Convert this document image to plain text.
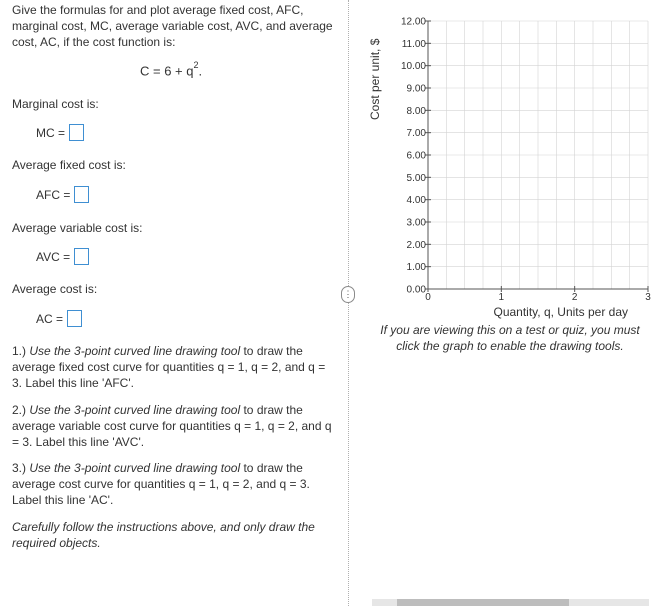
Give the formulas for and plot average fixed cost, AFC, marginal cost, MC, average variable cost, AVC, and average cost, AC, if the cost function is:
$C = 6 + q^2$.
Marginal cost is:
MC =
Average fixed cost is:
AFC =
Average variable cost is:
AVC =
Average cost is:
AC =
1.) Use the 3-point curved line drawing tool to draw the average fixed cost curve for quantities q = 1, q = 2, and q = 3. Label this line 'AFC'.
2.) Use the 3-point curved line drawing tool to draw the average variable cost curve for quantities q = 1, q = 2, and q = 3. Label this line 'AVC'.
3.) Use the 3-point curved line drawing tool to draw the average cost curve for quantities q = 1, q = 2, and q = 3. Label this line 'AC'.
Carefully follow the instructions above, and only draw the required objects.
⋮
Cost per unit, $
12.00
11.00
10.00
9.00
8.00
7.00
6.00
5.00
4.00
3.00
2.00
1.00
0.00
0	1	2	3
Quantity, q, Units per day
If you are viewing this on a test or quiz, you must click the graph to enable the drawing tools.
